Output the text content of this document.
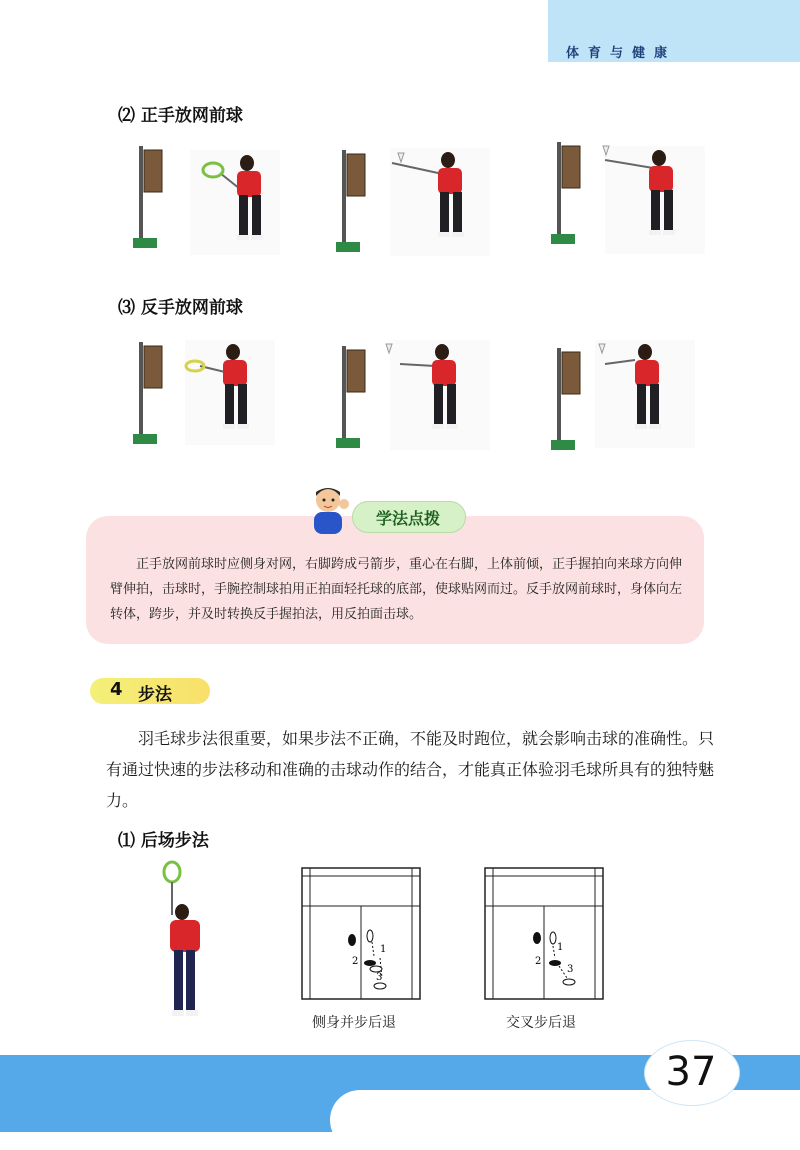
体育与健康
⑵ 正手放网前球
⑶ 反手放网前球
学法点拨
正手放网前球时应侧身对网，右脚跨成弓箭步，重心在右脚，上体前倾，正手握拍向来球方向伸臂伸拍，击球时，手腕控制球拍用正拍面轻托球的底部，使球贴网而过。反手放网前球时，身体向左转体，跨步，并及时转换反手握拍法，用反拍面击球。
4 步法
羽毛球步法很重要，如果步法不正确，不能及时跑位，就会影响击球的准确性。只有通过快速的步法移动和准确的击球动作的结合，才能真正体验羽毛球所具有的独特魅力。
⑴ 后场步法
1
2
3
侧身并步后退
1
2
3
交叉步后退
37
